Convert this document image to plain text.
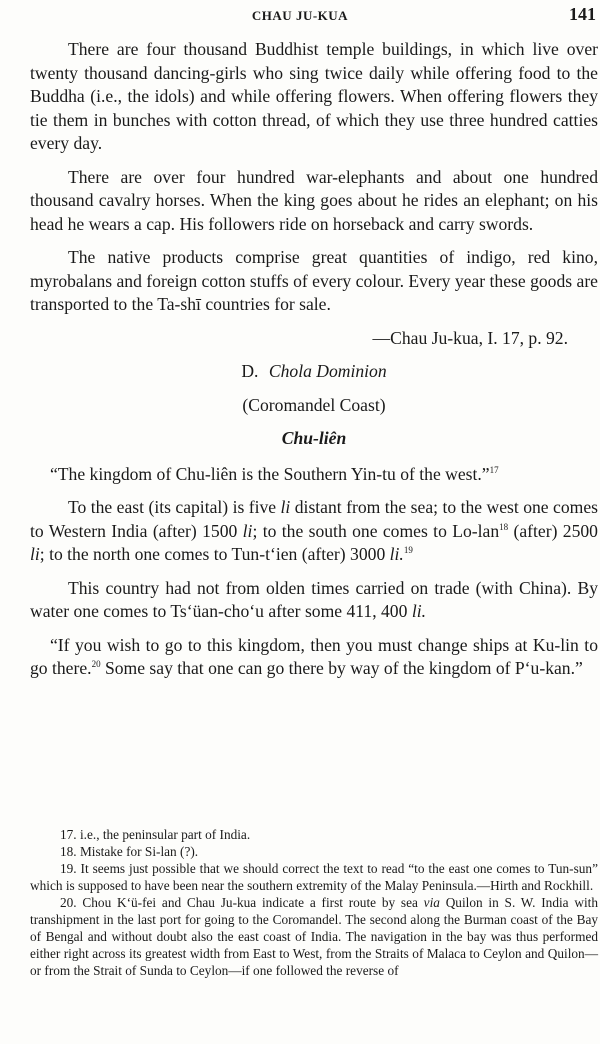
CHAU JU-KUA	141

There are four thousand Buddhist temple buildings, in which live over twenty thousand dancing-girls who sing twice daily while offering food to the Buddha (i.e., the idols) and while offering flowers. When offering flowers they tie them in bunches with cotton thread, of which they use three hundred catties every day.

There are over four hundred war-elephants and about one hundred thousand cavalry horses. When the king goes about he rides an elephant; on his head he wears a cap. His followers ride on horseback and carry swords.

The native products comprise great quantities of indigo, red kino, myrobalans and foreign cotton stuffs of every colour. Every year these goods are transported to the Ta-shī countries for sale.

—Chau Ju-kua, I. 17, p. 92.

D. Chola Dominion

(Coromandel Coast)

Chu-liên

“The kingdom of Chu-liên is the Southern Yin-tu of the west.”$^{17}$

To the east (its capital) is five li distant from the sea; to the west one comes to Western India (after) 1500 li; to the south one comes to Lo-lan$^{18}$ (after) 2500 li; to the north one comes to Tun-t‘ien (after) 3000 li.$^{19}$

This country had not from olden times carried on trade (with China). By water one comes to Ts‘üan-cho‘u after some 411, 400 li.

“If you wish to go to this kingdom, then you must change ships at Ku-lin to go there.$^{20}$ Some say that one can go there by way of the kingdom of P‘u-kan.”

17. i.e., the peninsular part of India.

18. Mistake for Si-lan (?).

19. It seems just possible that we should correct the text to read “to the east one comes to Tun-sun” which is supposed to have been near the southern extremity of the Malay Peninsula.—Hirth and Rockhill.

20. Chou K‘ü-fei and Chau Ju-kua indicate a first route by sea via Quilon in S. W. India with transhipment in the last port for going to the Coromandel. The second along the Burman coast of the Bay of Bengal and without doubt also the east coast of India. The navigation in the bay was thus performed either right across its greatest width from East to West, from the Straits of Malaca to Ceylon and Quilon—or from the Strait of Sunda to Ceylon—if one followed the reverse of
